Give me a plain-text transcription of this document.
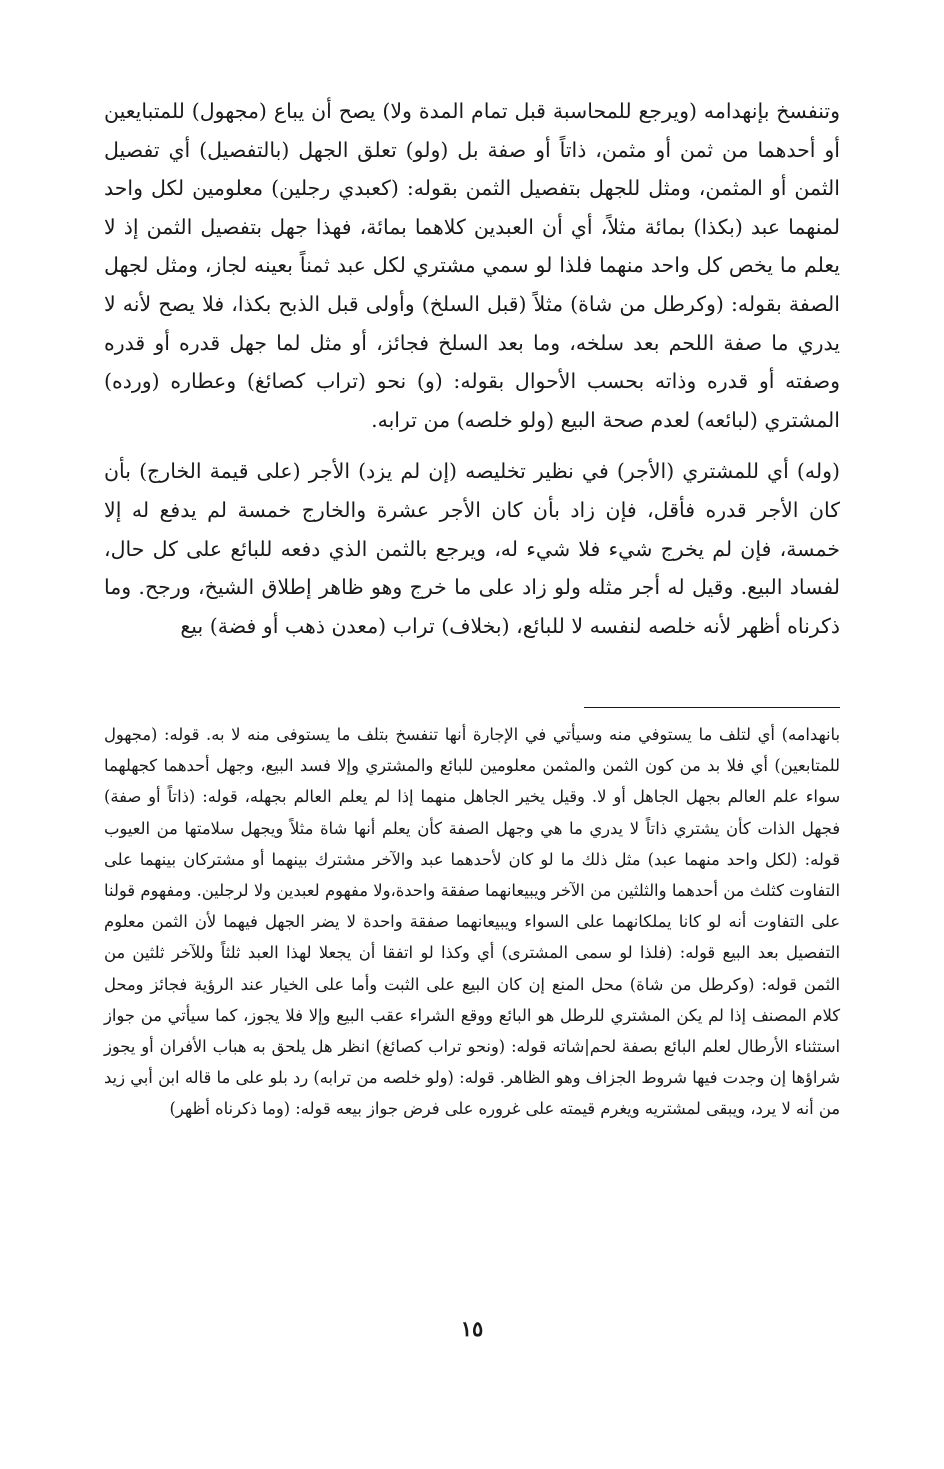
وتنفسخ بإنهدامه (ويرجع للمحاسبة قبل تمام المدة ولا) يصح أن يباع (مجهول) للمتبايعين أو أحدهما من ثمن أو مثمن، ذاتاً أو صفة بل (ولو) تعلق الجهل (بالتفصيل) أي تفصيل الثمن أو المثمن، ومثل للجهل بتفصيل الثمن بقوله: (كعبدي رجلين) معلومين لكل واحد لمنهما عبد (بكذا) بمائة مثلاً، أي أن العبدين كلاهما بمائة، فهذا جهل بتفصيل الثمن إذ لا يعلم ما يخص كل واحد منهما فلذا لو سمي مشتري لكل عبد ثمناً بعينه لجاز، ومثل لجهل الصفة بقوله: (وكرطل من شاة) مثلاً (قبل السلخ) وأولى قبل الذبح بكذا، فلا يصح لأنه لا يدري ما صفة اللحم بعد سلخه، وما بعد السلخ فجائز، أو مثل لما جهل قدره أو قدره وصفته أو قدره وذاته بحسب الأحوال بقوله: (و) نحو (تراب كصائغ) وعطاره (ورده) المشتري (لبائعه) لعدم صحة البيع (ولو خلصه) من ترابه.

(وله) أي للمشتري (الأجر) في نظير تخليصه (إن لم يزد) الأجر (على قيمة الخارج) بأن كان الأجر قدره فأقل، فإن زاد بأن كان الأجر عشرة والخارج خمسة لم يدفع له إلا خمسة، فإن لم يخرج شيء فلا شيء له، ويرجع بالثمن الذي دفعه للبائع على كل حال، لفساد البيع. وقيل له أجر مثله ولو زاد على ما خرج وهو ظاهر إطلاق الشيخ، ورجح. وما ذكرناه أظهر لأنه خلصه لنفسه لا للبائع، (بخلاف) تراب (معدن ذهب أو فضة) بيع

بانهدامه) أي لتلف ما يستوفي منه وسيأتي في الإجارة أنها تنفسخ بتلف ما يستوفى منه لا به. قوله: (مجهول للمتابعين) أي فلا بد من كون الثمن والمثمن معلومين للبائع والمشتري وإلا فسد البيع، وجهل أحدهما كجهلهما سواء علم العالم بجهل الجاهل أو لا. وقيل يخير الجاهل منهما إذا لم يعلم العالم بجهله، قوله: (ذاتاً أو صفة) فجهل الذات كأن يشتري ذاتاً لا يدري ما هي وجهل الصفة كأن يعلم أنها شاة مثلاً ويجهل سلامتها من العيوب قوله: (لكل واحد منهما عبد) مثل ذلك ما لو كان لأحدهما عبد والآخر مشترك بينهما أو مشتركان بينهما على التفاوت كثلث من أحدهما والثلثين من الآخر ويبيعانهما صفقة واحدة،ولا مفهوم لعبدين ولا لرجلين. ومفهوم قولنا على التفاوت أنه لو كانا يملكانهما على السواء ويبيعانهما صفقة واحدة لا يضر الجهل فيهما لأن الثمن معلوم التفصيل بعد البيع قوله: (فلذا لو سمى المشترى) أي وكذا لو اتفقا أن يجعلا لهذا العبد ثلثاً وللآخر ثلثين من الثمن قوله: (وكرطل من شاة) محل المنع إن كان البيع على الثبت وأما على الخيار عند الرؤية فجائز ومحل كلام المصنف إذا لم يكن المشتري للرطل هو البائع ووقع الشراء عقب البيع وإلا فلا يجوز، كما سيأتي من جواز استثناء الأرطال لعلم البائع بصفة لحم|شاته قوله: (ونحو تراب كصائغ) انظر هل يلحق به هباب الأفران أو يجوز شراؤها إن وجدت فيها شروط الجزاف وهو الظاهر. قوله: (ولو خلصه من ترابه) رد بلو على ما قاله ابن أبي زيد من أنه لا يرد، ويبقى لمشتريه ويغرم قيمته على غروره على فرض جواز بيعه قوله: (وما ذكرناه أظهر)

١٥
